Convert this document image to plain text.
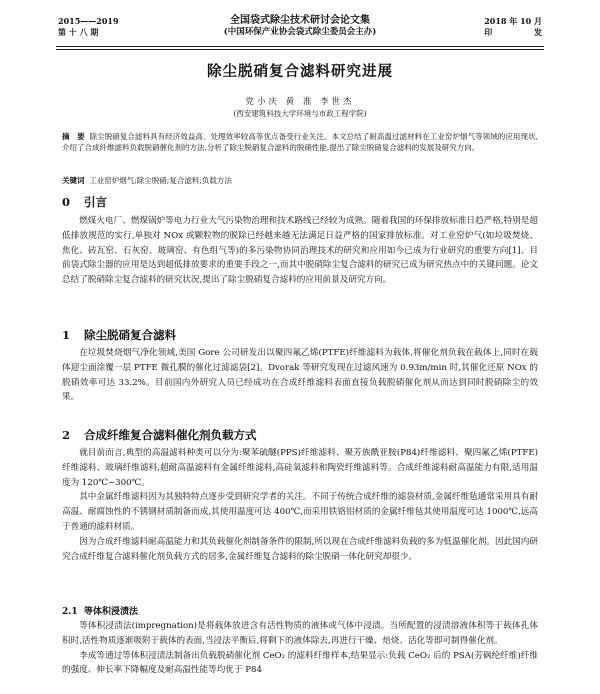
2015——2019
第 十 八 期
全国袋式除尘技术研讨会论文集
(中国环保产业协会袋式除尘委员会主办)
2018 年 10 月
印	发
除尘脱硝复合滤料研究进展
党小庆 黄 准 李世杰
(西安建筑科技大学环境与市政工程学院)
摘　要 除尘脱硝复合滤料具有经济效益高、处理效率较高等优点备受行业关注。本文总结了耐高温过滤材料在工业窑炉烟气等领域的应用现状,介绍了合成纤维滤料负载脱硝催化剂的方法,分析了除尘脱硝复合滤料的脱硝性能,提出了除尘脱硝复合滤料的发展及研究方向。
关键词 工业窑炉烟气;除尘脱硝;复合滤料;负载方法
0 引言

燃煤火电厂、燃煤锅炉等电力行业大气污染物治理和技术路线已经较为成熟。随着我国的环保排放标准日趋严格,特别是超低排放规范的实行,单独对 NOx 或颗粒物的脱除已经越来越无法满足日益严格的国家排放标准。对工业窑炉气(如垃圾焚烧、焦化、砖瓦窑、石灰窑、玻璃窑、有色组气等)的多污染物协同治理技术的研究和应用如今已成为行业研究的重要方向[1]。目前袋式除尘器的应用是达到超低排放要求的重要手段之一,而其中脱硝除尘复合滤料的研究已成为研究热点中的关键问题。论文总结了脱硝除尘复合滤料的研究状况,提出了除尘脱硝复合滤料的应用前景及研究方向。

1 除尘脱硝复合滤料

在垃圾焚烧烟气净化领域,美国 Gore 公司研发出以聚四氟乙烯(PTFE)纤维滤料为载体,将催化剂负载在载体上,同时在载体迎尘面涂覆一层 PTFE 微孔膜的催化过滤滤袋[2]。Dvorak 等研究发现在过滤风速为 0.93m/min 时,其催化还原 NOx 的脱硝效率可达 33.2%。目前国内外研究人员已经成功在合成纤维滤料表面直接负载脱硝催化剂从而达到同时脱硝除尘的效果。

2 合成纤维复合滤料催化剂负载方式

就目前而言,典型的高温滤料种类可以分为:聚苯硫醚(PPS)纤维滤料、聚芳族酰亚胺(P84)纤维滤料、聚四氟乙烯(PTFE)纤维滤料、玻璃纤维滤料,超耐高温滤料有金属纤维滤料,高硅氧滤料和陶瓷纤维滤料等。合成纤维滤料耐高温能力有限,适用温度为 120℃~300℃。

其中金属纤维滤料因为其独特特点逐步受到研究学者的关注。不同于传统合成纤维的滤袋材质,金属纤维毡通常采用具有耐高温、耐腐蚀性的不锈钢材质制备而成,其使用温度可达 400℃,而采用铁铬铝材质的金属纤维毡其使用温度可达 1000℃,远高于普通的滤料材质。

因为合成纤维滤料耐高温能力和其负载催化剂制备条件的限制,所以现在合成纤维滤料负载的多为低温催化剂。因此国内研究合成纤维复合滤料催化剂负载方式的居多,金属纤维复合滤料的除尘脱硝一体化研究却很少。

2.1 等体积浸渍法

等体积浸渍法(impregnation)是将载体放进含有活性物质的液体或气体中浸渍。当所配置的浸渍溶液体积等于载体孔体积时,活性物质逐渐吸附于载体的表面,当浸法平衡后,将剩下的液体除去,再进行干燥、焙烧、活化等即可制得催化剂。

李成等通过等体积浸渍法制备出负载脱硝催化剂 CeO₂ 的滤料纤维样本,结果显示:负载 CeO₂ 后的 PSA(芳砜纶纤维)纤维的强度、伸长率下降幅度及耐高温性能等均优于 P84
